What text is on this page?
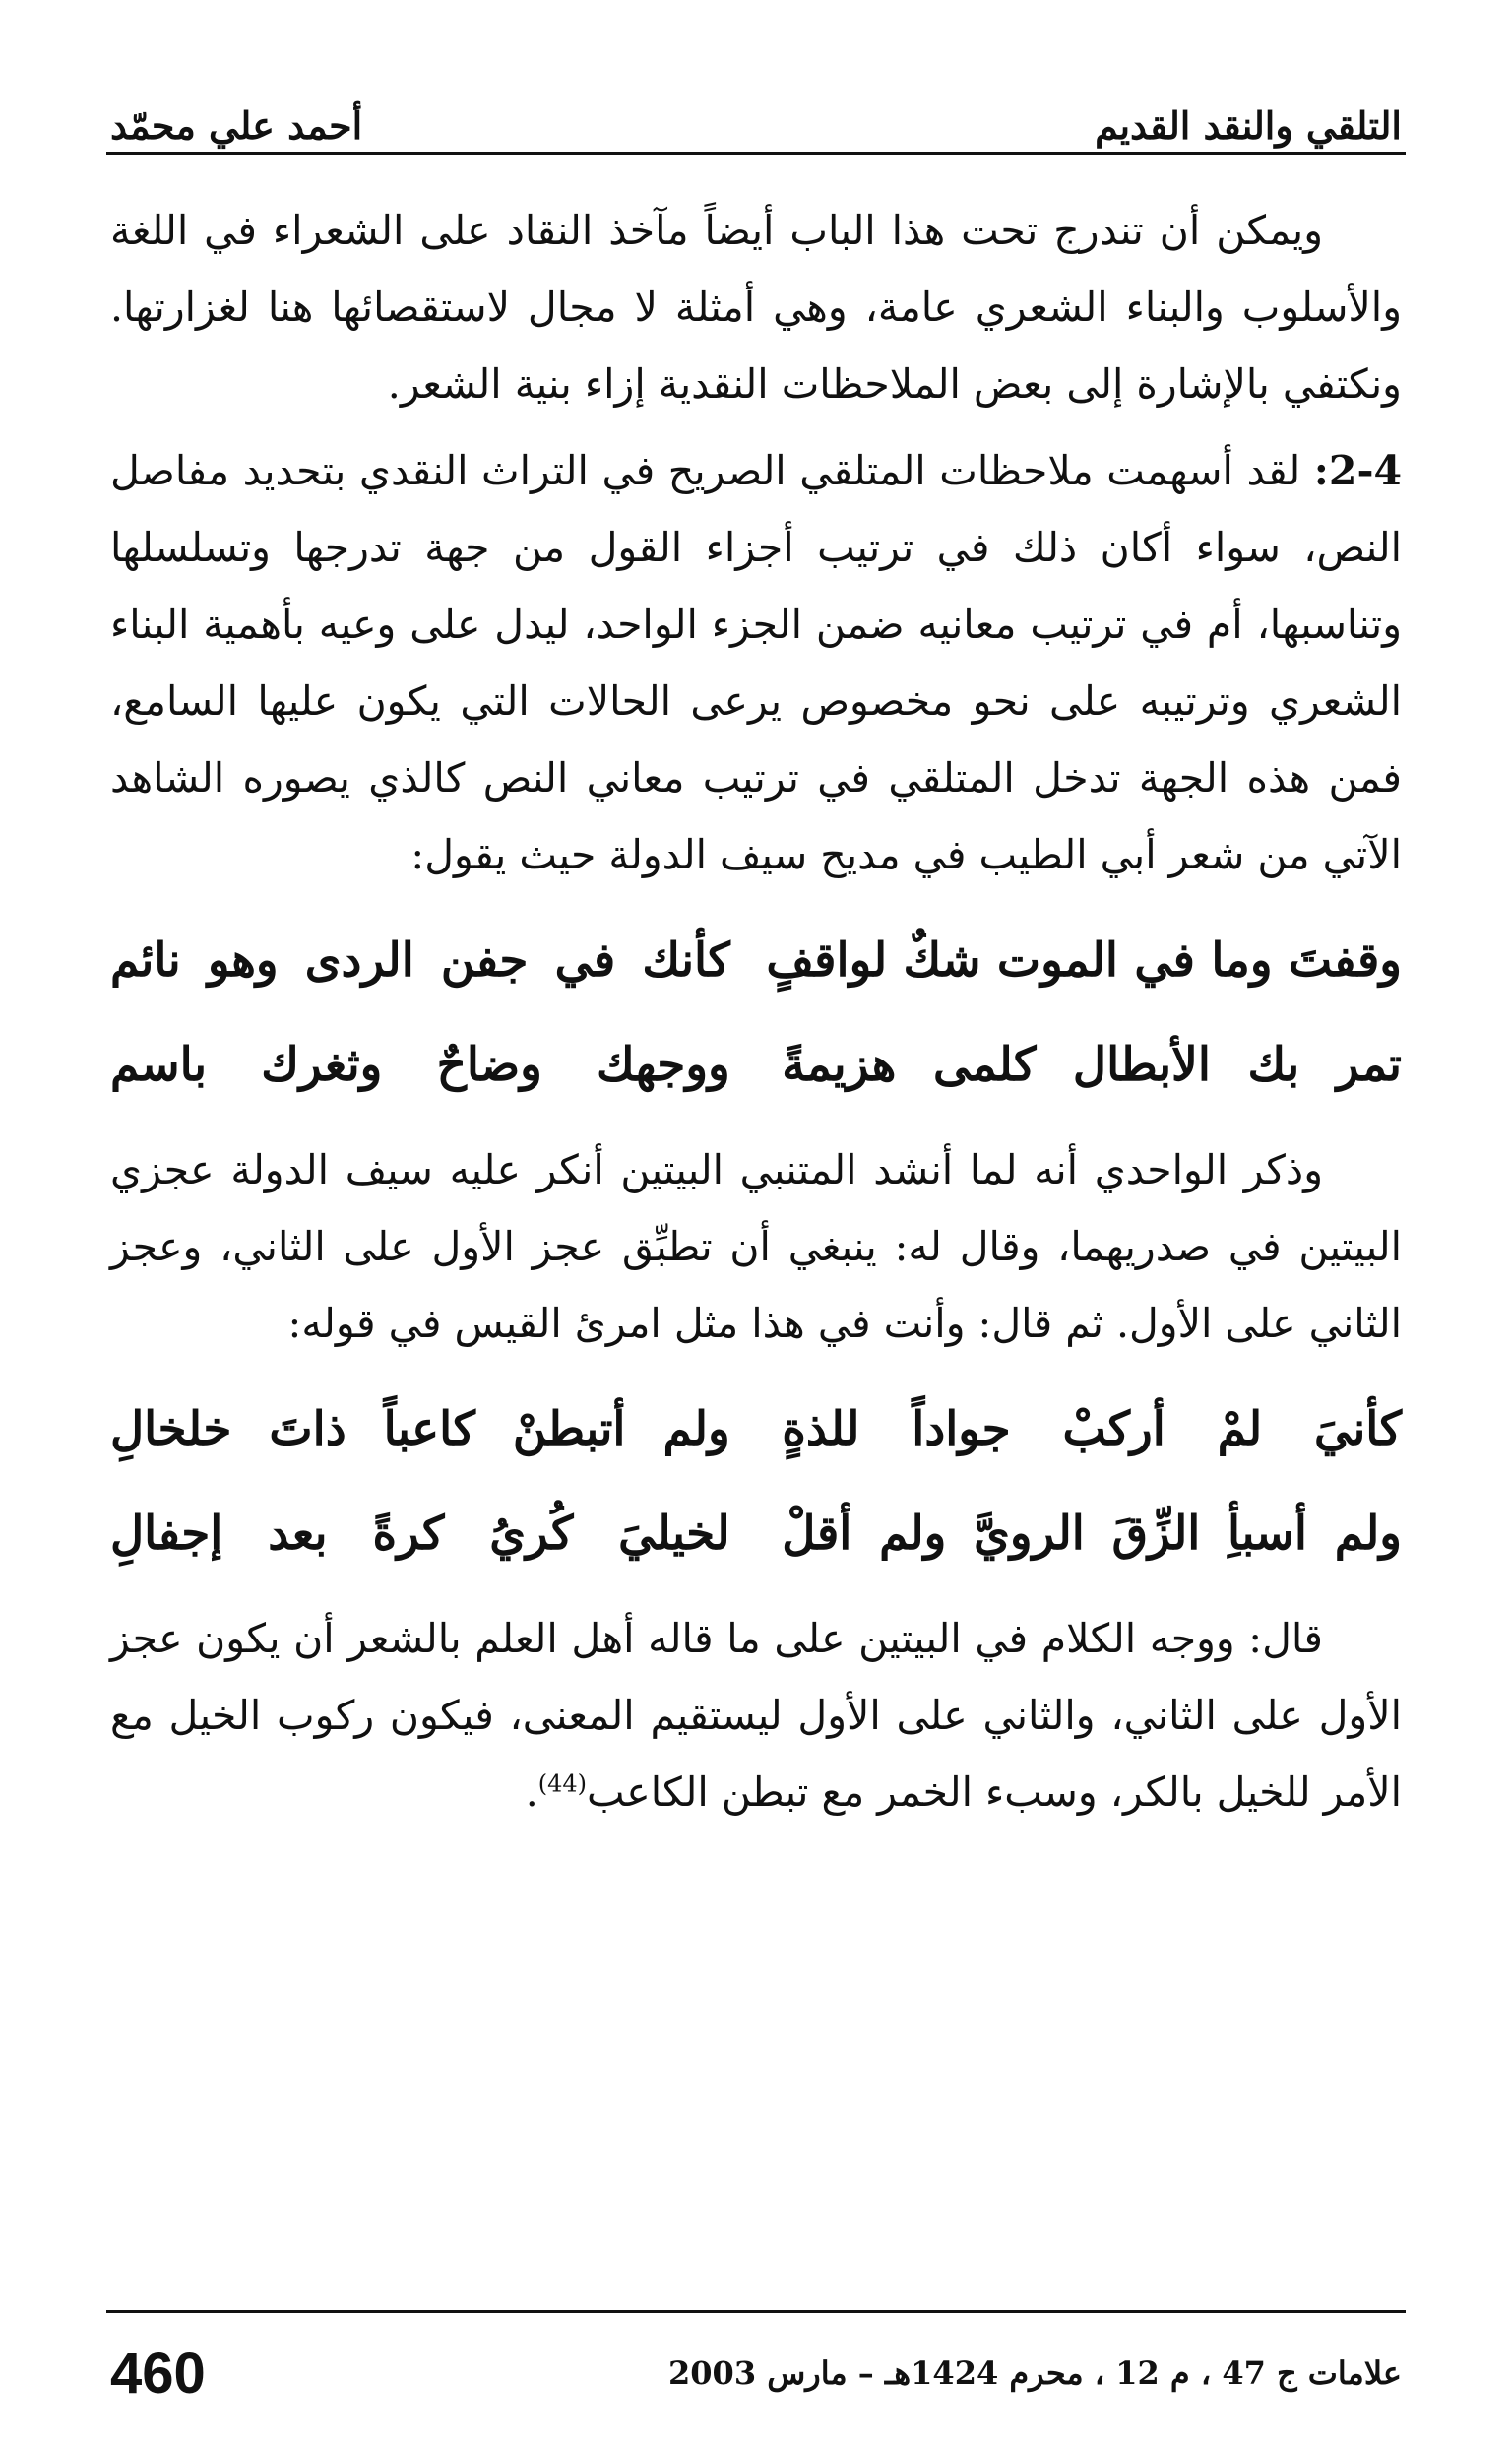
التلقي والنقد القديم
أحمد علي محمّد

ويمكن أن تندرج تحت هذا الباب أيضاً مآخذ النقاد على الشعراء في اللغة والأسلوب والبناء الشعري عامة، وهي أمثلة لا مجال لاستقصائها هنا لغزارتها. ونكتفي بالإشارة إلى بعض الملاحظات النقدية إزاء بنية الشعر.

2-4: لقد أسهمت ملاحظات المتلقي الصريح في التراث النقدي بتحديد مفاصل النص، سواء أكان ذلك في ترتيب أجزاء القول من جهة تدرجها وتسلسلها وتناسبها، أم في ترتيب معانيه ضمن الجزء الواحد، ليدل على وعيه بأهمية البناء الشعري وترتيبه على نحو مخصوص يرعى الحالات التي يكون عليها السامع، فمن هذه الجهة تدخل المتلقي في ترتيب معاني النص كالذي يصوره الشاهد الآتي من شعر أبي الطيب في مديح سيف الدولة حيث يقول:

وقفتَ وما في الموت شكٌ لواقفٍ
كأنك في جفن الردى وهو نائم
تمر بك الأبطال كلمى هزيمةً
ووجهك وضاحٌ وثغرك باسم

وذكر الواحدي أنه لما أنشد المتنبي البيتين أنكر عليه سيف الدولة عجزي البيتين في صدريهما، وقال له: ينبغي أن تطبِّق عجز الأول على الثاني، وعجز الثاني على الأول. ثم قال: وأنت في هذا مثل امرئ القيس في قوله:

كأنيَ لمْ أركبْ جواداً للذةٍ
ولم أتبطنْ كاعباً ذاتَ خلخالِ
ولم أسبأِ الزِّقَ الرويَّ ولم أقلْ
لخيليَ كُريُ كرةً بعد إجفالِ

قال: ووجه الكلام في البيتين على ما قاله أهل العلم بالشعر أن يكون عجز الأول على الثاني، والثاني على الأول ليستقيم المعنى، فيكون ركوب الخيل مع الأمر للخيل بالكر، وسبء الخمر مع تبطن الكاعب$^{(44)}$.

علامات ج 47 ، م 12 ، محرم 1424هـ – مارس 2003
460
